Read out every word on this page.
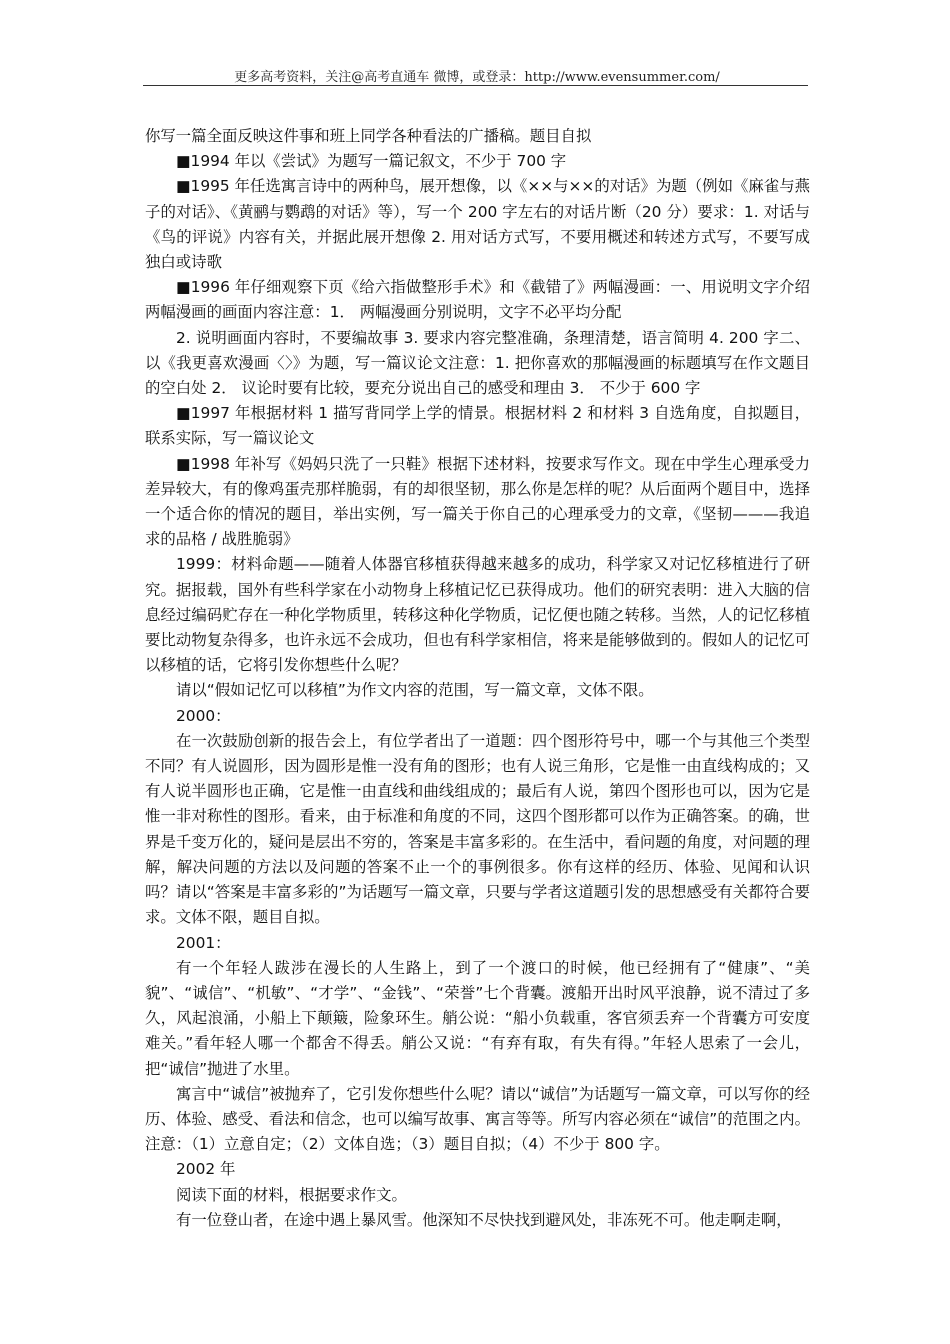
更多高考资料，关注@高考直通车 微博，或登录：http://www.evensummer.com/

你写一篇全面反映这件事和班上同学各种看法的广播稿。题目自拟

■1994 年以《尝试》为题写一篇记叙文，不少于 700 字

■1995 年任选寓言诗中的两种鸟，展开想像，以《××与××的对话》为题（例如《麻雀与燕子的对话》、《黄鹂与鹦鹉的对话》等），写一个 200 字左右的对话片断（20 分）要求：1. 对话与《鸟的评说》内容有关，并据此展开想像 2. 用对话方式写，不要用概述和转述方式写，不要写成独白或诗歌

■1996 年仔细观察下页《给六指做整形手术》和《截错了》两幅漫画：一、用说明文字介绍两幅漫画的画面内容注意：1． 两幅漫画分别说明，文字不必平均分配

2. 说明画面内容时，不要编故事 3. 要求内容完整准确，条理清楚，语言简明 4. 200 字二、以《我更喜欢漫画〈〉》为题，写一篇议论文注意：1. 把你喜欢的那幅漫画的标题填写在作文题目的空白处 2． 议论时要有比较，要充分说出自己的感受和理由 3． 不少于 600 字

■1997 年根据材料 1 描写背同学上学的情景。根据材料 2 和材料 3 自选角度，自拟题目，联系实际，写一篇议论文

■1998 年补写《妈妈只洗了一只鞋》根据下述材料，按要求写作文。现在中学生心理承受力差异较大，有的像鸡蛋壳那样脆弱，有的却很坚韧，那么你是怎样的呢？从后面两个题目中，选择一个适合你的情况的题目，举出实例，写一篇关于你自己的心理承受力的文章，《坚韧———我追求的品格 / 战胜脆弱》

1999：材料命题——随着人体器官移植获得越来越多的成功，科学家又对记忆移植进行了研究。据报载，国外有些科学家在小动物身上移植记忆已获得成功。他们的研究表明：进入大脑的信息经过编码贮存在一种化学物质里，转移这种化学物质，记忆便也随之转移。当然，人的记忆移植要比动物复杂得多，也许永远不会成功，但也有科学家相信，将来是能够做到的。假如人的记忆可以移植的话，它将引发你想些什么呢？

请以“假如记忆可以移植”为作文内容的范围，写一篇文章，文体不限。

2000：

在一次鼓励创新的报告会上，有位学者出了一道题：四个图形符号中，哪一个与其他三个类型不同？有人说圆形，因为圆形是惟一没有角的图形；也有人说三角形，它是惟一由直线构成的；又有人说半圆形也正确，它是惟一由直线和曲线组成的；最后有人说，第四个图形也可以，因为它是惟一非对称性的图形。看来，由于标准和角度的不同，这四个图形都可以作为正确答案。的确，世界是千变万化的，疑问是层出不穷的，答案是丰富多彩的。在生活中，看问题的角度，对问题的理解，解决问题的方法以及问题的答案不止一个的事例很多。你有这样的经历、体验、见闻和认识吗？请以“答案是丰富多彩的”为话题写一篇文章，只要与学者这道题引发的思想感受有关都符合要求。文体不限，题目自拟。

2001：

有一个年轻人跋涉在漫长的人生路上，到了一个渡口的时候，他已经拥有了“健康”、“美貌”、“诚信”、“机敏”、“才学”、“金钱”、“荣誉”七个背囊。渡船开出时风平浪静，说不清过了多久，风起浪涌，小船上下颠簸，险象环生。艄公说：“船小负载重，客官须丢弃一个背囊方可安度难关。”看年轻人哪一个都舍不得丢。艄公又说：“有弃有取，有失有得。”年轻人思索了一会儿，把“诚信”抛进了水里。

寓言中“诚信”被抛弃了，它引发你想些什么呢？请以“诚信”为话题写一篇文章，可以写你的经历、体验、感受、看法和信念，也可以编写故事、寓言等等。所写内容必须在“诚信”的范围之内。注意：（1）立意自定；（2）文体自选；（3）题目自拟；（4）不少于 800 字。

2002 年

阅读下面的材料，根据要求作文。

有一位登山者，在途中遇上暴风雪。他深知不尽快找到避风处，非冻死不可。他走啊走啊，
